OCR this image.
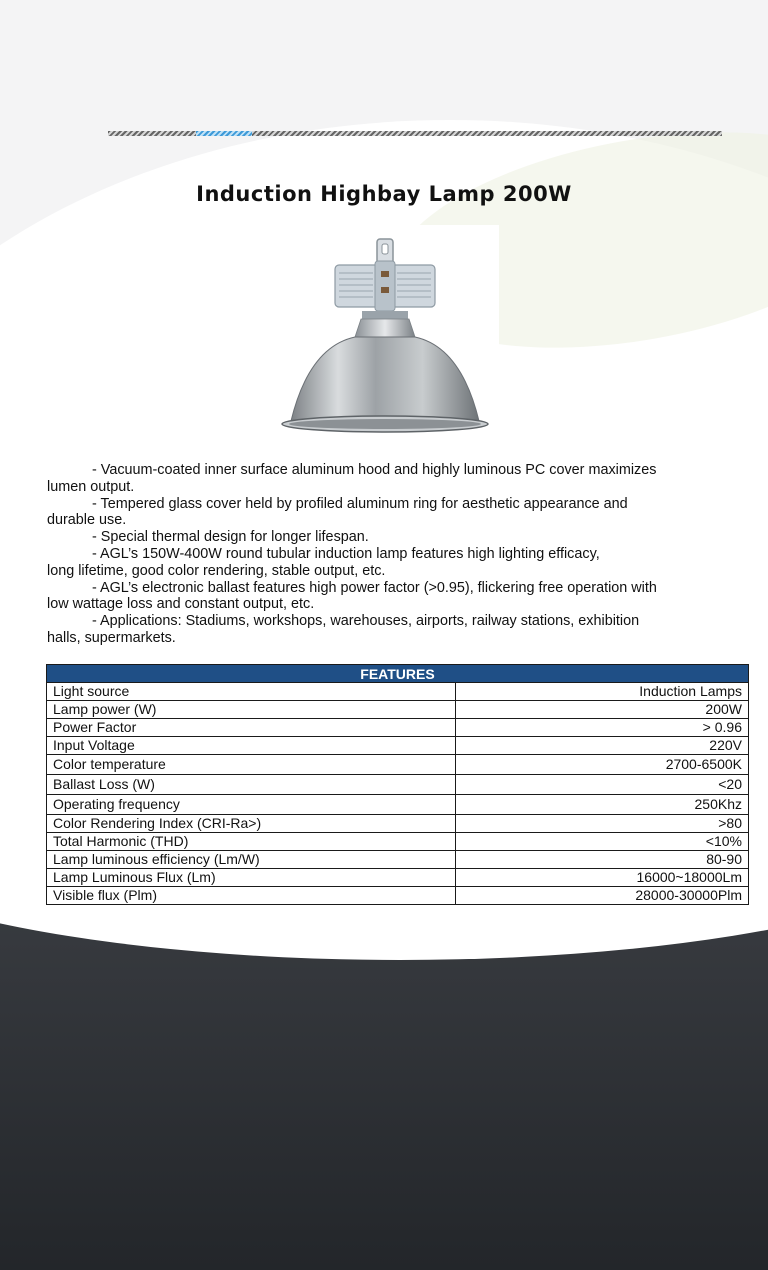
Induction Highbay Lamp 200W

- Vacuum-coated inner surface aluminum hood and highly luminous PC cover maximizes

lumen output.

- Tempered glass cover held by profiled aluminum ring for aesthetic appearance and

durable use.

- Special thermal design for longer lifespan.

- AGL’s 150W-400W round tubular induction lamp features high lighting efficacy,

long lifetime, good color rendering, stable output, etc.

- AGL’s electronic ballast features high power factor (>0.95), flickering free operation with

low wattage loss and constant output, etc.

- Applications: Stadiums, workshops, warehouses, airports, railway stations, exhibition

halls, supermarkets.

FEATURES	
Light source	Induction Lamps
Lamp power (W)	200W
Power Factor	> 0.96
Input Voltage	220V
Color temperature	2700-6500K
Ballast Loss (W)	<20
Operating frequency	250Khz
Color Rendering Index (CRI-Ra>)	>80
Total Harmonic (THD)	<10%
Lamp luminous efficiency (Lm/W)	80-90
Lamp Luminous Flux (Lm)	16000~18000Lm
Visible flux (Plm)	28000-30000Plm
